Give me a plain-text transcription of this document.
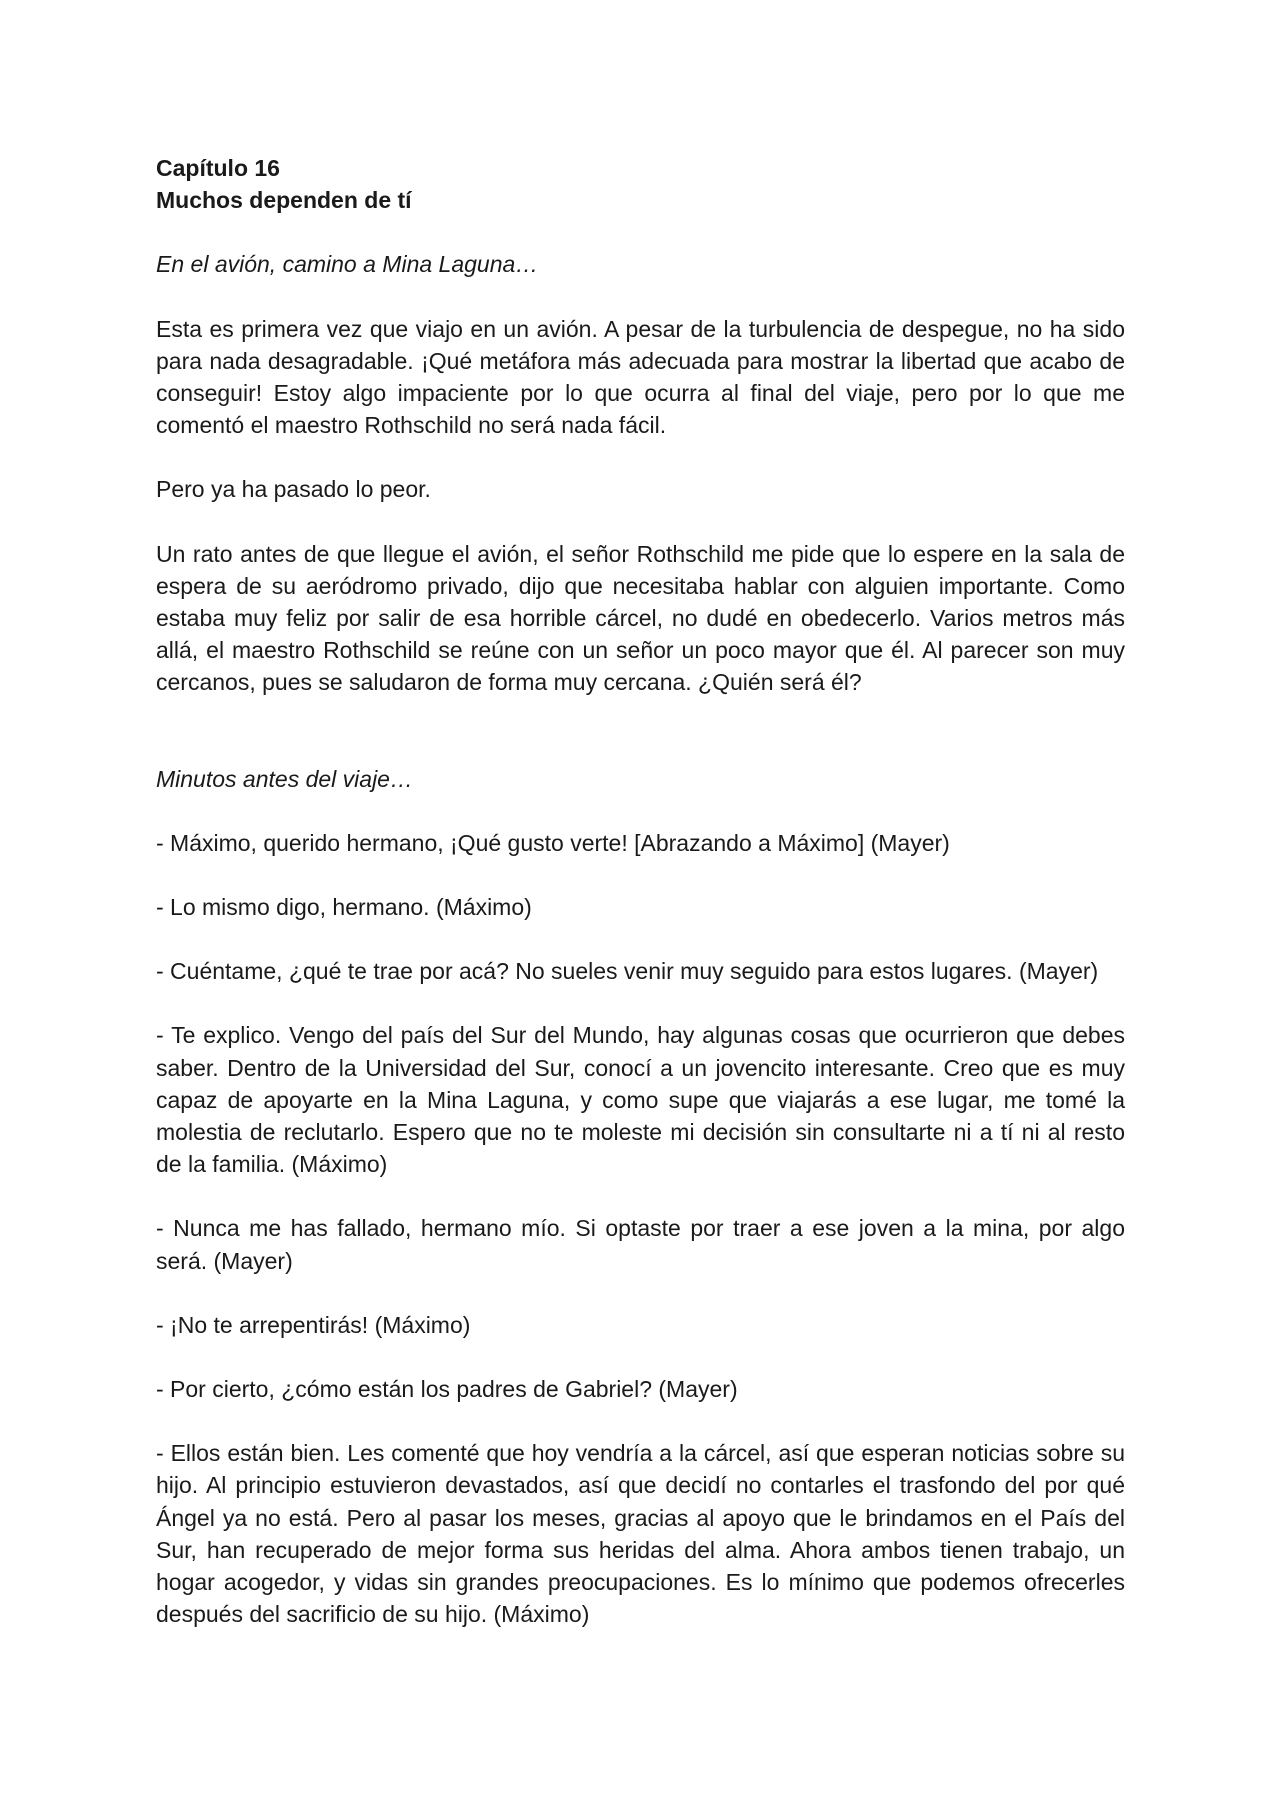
Capítulo 16

Muchos dependen de tí

En el avión, camino a Mina Laguna…

Esta es primera vez que viajo en un avión. A pesar de la turbulencia de despegue, no ha sido para nada desagradable. ¡Qué metáfora más adecuada para mostrar la libertad que acabo de conseguir! Estoy algo impaciente por lo que ocurra al final del viaje, pero por lo que me comentó el maestro Rothschild no será nada fácil.

Pero ya ha pasado lo peor.

Un rato antes de que llegue el avión, el señor Rothschild me pide que lo espere en la sala de espera de su aeródromo privado, dijo que necesitaba hablar con alguien importante. Como estaba muy feliz por salir de esa horrible cárcel, no dudé en obedecerlo. Varios metros más allá, el maestro Rothschild se reúne con un señor un poco mayor que él. Al parecer son muy cercanos, pues se saludaron de forma muy cercana. ¿Quién será él?

Minutos antes del viaje…

- Máximo, querido hermano, ¡Qué gusto verte! [Abrazando a Máximo] (Mayer)

- Lo mismo digo, hermano. (Máximo)

- Cuéntame, ¿qué te trae por acá? No sueles venir muy seguido para estos lugares. (Mayer)

- Te explico. Vengo del país del Sur del Mundo, hay algunas cosas que ocurrieron que debes saber. Dentro de la Universidad del Sur, conocí a un jovencito interesante. Creo que es muy capaz de apoyarte en la Mina Laguna, y como supe que viajarás a ese lugar, me tomé la molestia de reclutarlo. Espero que no te moleste mi decisión sin consultarte ni a tí ni al resto de la familia. (Máximo)

- Nunca me has fallado, hermano mío. Si optaste por traer a ese joven a la mina, por algo será. (Mayer)

- ¡No te arrepentirás! (Máximo)

- Por cierto, ¿cómo están los padres de Gabriel? (Mayer)

- Ellos están bien. Les comenté que hoy vendría a la cárcel, así que esperan noticias sobre su hijo. Al principio estuvieron devastados, así que decidí no contarles el trasfondo del por qué Ángel ya no está. Pero al pasar los meses, gracias al apoyo que le brindamos en el País del Sur, han recuperado de mejor forma sus heridas del alma. Ahora ambos tienen trabajo, un hogar acogedor, y vidas sin grandes preocupaciones. Es lo mínimo que podemos ofrecerles después del sacrificio de su hijo. (Máximo)
